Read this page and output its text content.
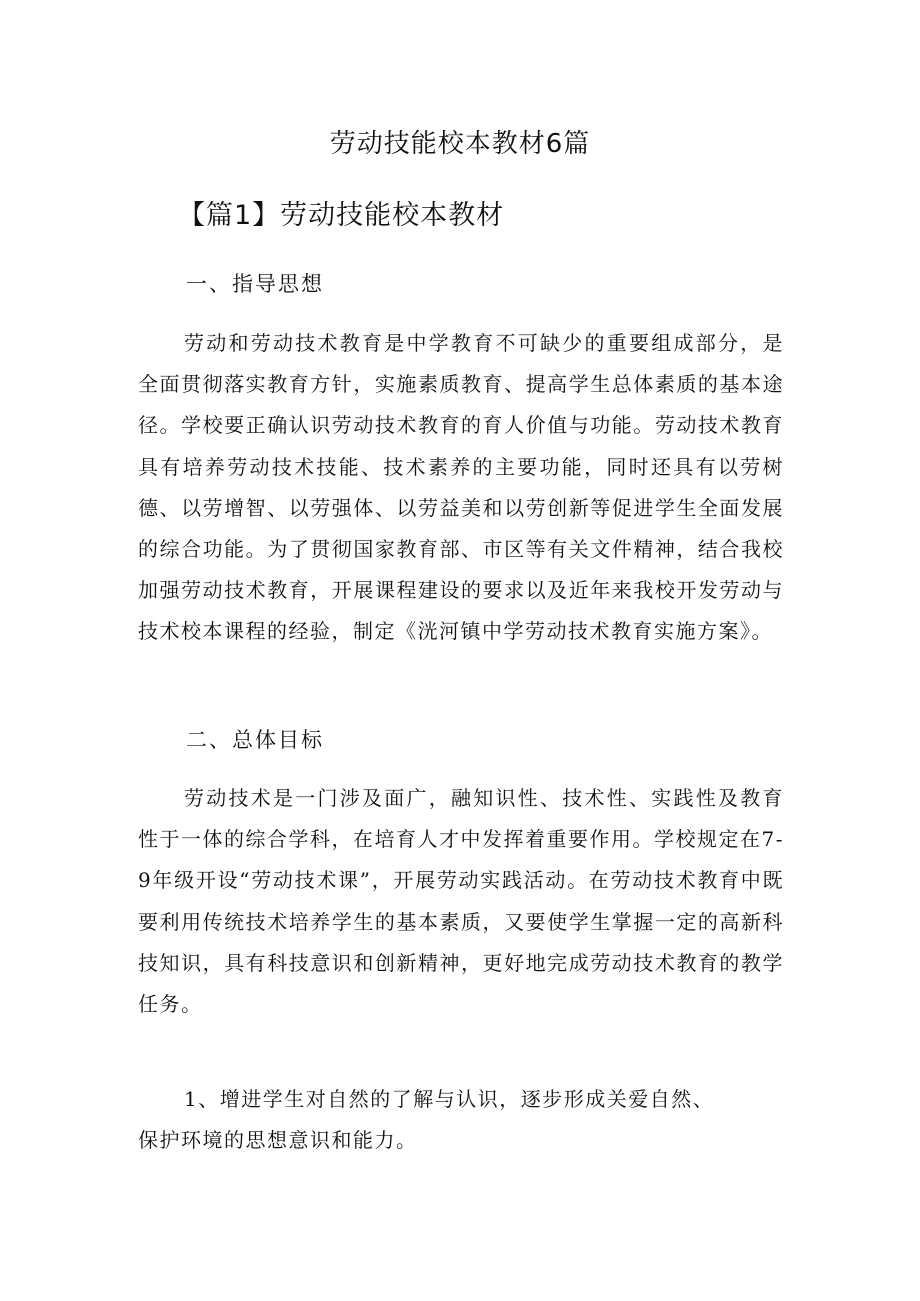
劳动技能校本教材6篇
【篇1】劳动技能校本教材
一、指导思想
劳动和劳动技术教育是中学教育不可缺少的重要组成部分，是全面贯彻落实教育方针，实施素质教育、提高学生总体素质的基本途径。学校要正确认识劳动技术教育的育人价值与功能。劳动技术教育具有培养劳动技术技能、技术素养的主要功能，同时还具有以劳树德、以劳增智、以劳强体、以劳益美和以劳创新等促进学生全面发展的综合功能。为了贯彻国家教育部、市区等有关文件精神，结合我校加强劳动技术教育，开展课程建设的要求以及近年来我校开发劳动与技术校本课程的经验，制定《洸河镇中学劳动技术教育实施方案》。
二、总体目标
劳动技术是一门涉及面广，融知识性、技术性、实践性及教育性于一体的综合学科，在培育人才中发挥着重要作用。学校规定在7-9年级开设“劳动技术课”，开展劳动实践活动。在劳动技术教育中既要利用传统技术培养学生的基本素质，又要使学生掌握一定的高新科技知识，具有科技意识和创新精神，更好地完成劳动技术教育的教学任务。
1、增进学生对自然的了解与认识，逐步形成关爱自然、
保护环境的思想意识和能力。
